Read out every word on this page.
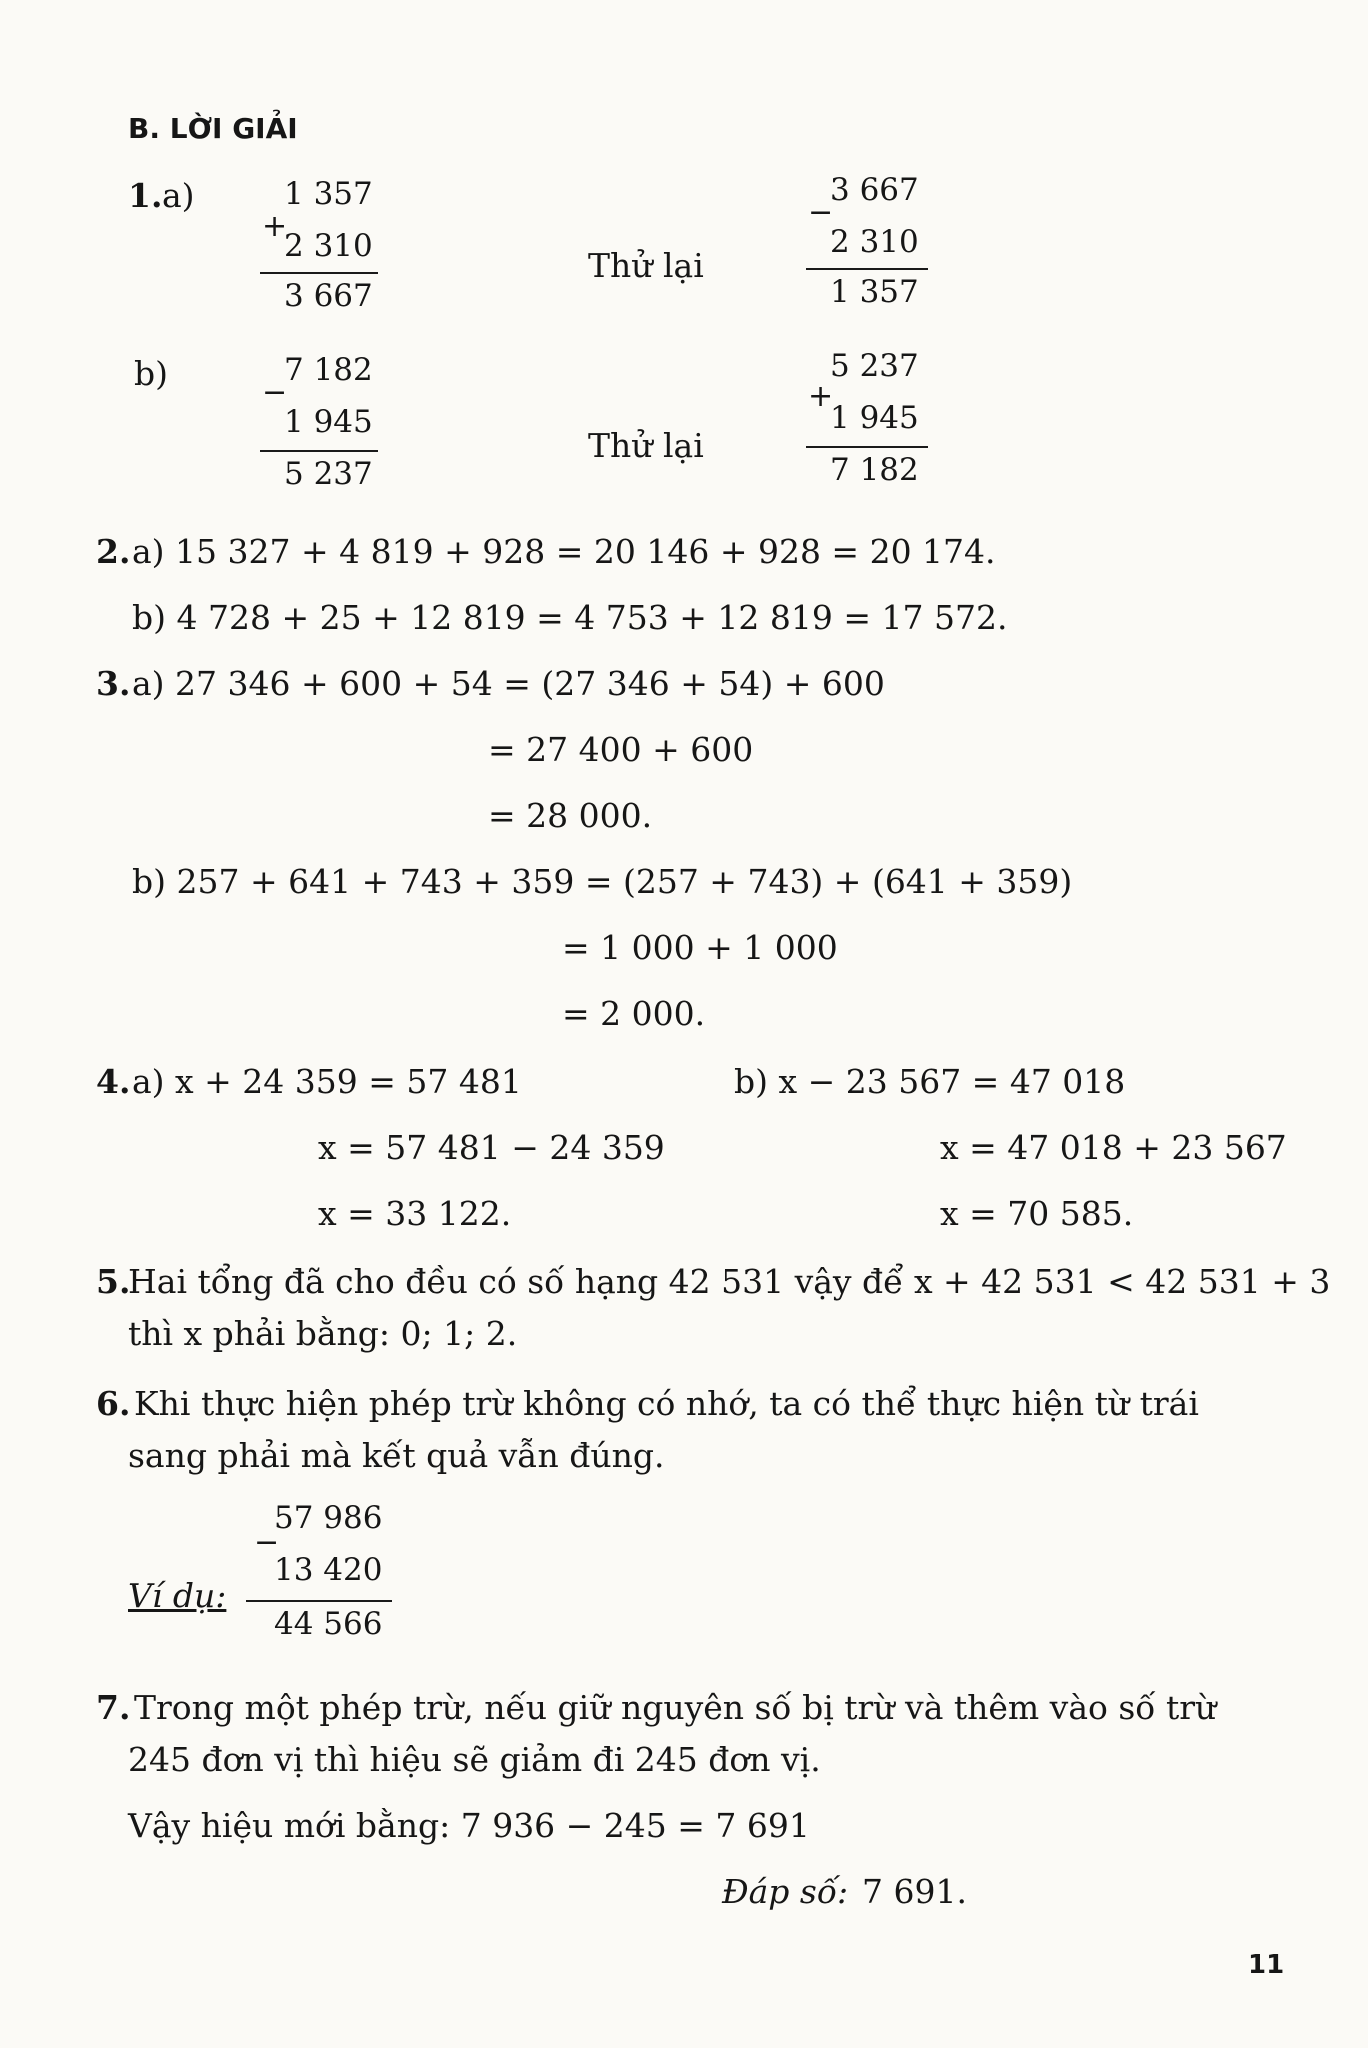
B. LỜI GIẢI
1. a)
+
1 357
2 310
3 667
Thử lại
−
3 667
2 310
1 357
b)	−
7 182
1 945
5 237
Thử lại
+
5 237
1 945
7 182
2. a) 15 327 + 4 819 + 928 = 20 146 + 928 = 20 174.
b) 4 728 + 25 + 12 819 = 4 753 + 12 819 = 17 572.
3. a) 27 346 + 600 + 54 = (27 346 + 54) + 600
= 27 400 + 600
= 28 000.
b) 257 + 641 + 743 + 359 = (257 + 743) + (641 + 359)
= 1 000 + 1 000
= 2 000.
4. a) x + 24 359 = 57 481
x = 57 481 − 24 359
x = 33 122.
b) x − 23 567 = 47 018
x = 47 018 + 23 567
x = 70 585.
5.
Hai tổng đã cho đều có số hạng 42 531 vậy để x + 42 531 < 42 531 + 3
thì x phải bằng: 0; 1; 2.
6. Khi thực hiện phép trừ không có nhớ, ta có thể thực hiện từ trái
sang phải mà kết quả vẫn đúng.
Ví dụ:
−
57 986
13 420
44 566
7. Trong một phép trừ, nếu giữ nguyên số bị trừ và thêm vào số trừ
245 đơn vị thì hiệu sẽ giảm đi 245 đơn vị.
Vậy hiệu mới bằng: 7 936 − 245 = 7 691
Đáp số: 7 691.
11
